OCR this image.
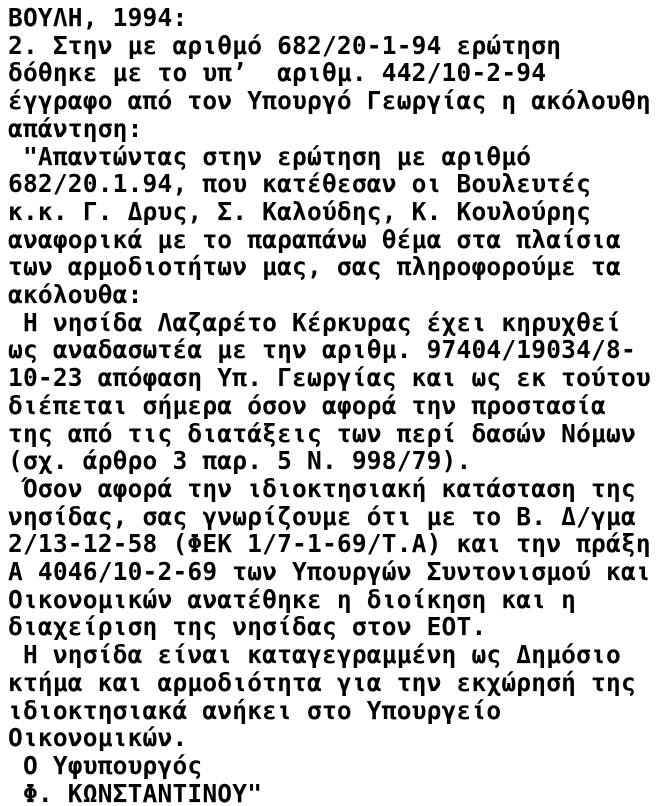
ΒΟΥΛΗ, 1994:
2. Στην με αριθμό 682/20-1-94 ερώτηση
δόθηκε με το υπ’  αριθμ. 442/10-2-94
έγγραφο από τον Υπουργό Γεωργίας η ακόλουθη
απάντηση:
"Απαντώντας στην ερώτηση με αριθμό
682/20.1.94, που κατέθεσαν οι Βουλευτές
κ.κ. Γ. Δρυς, Σ. Καλούδης, Κ. Κουλούρης
αναφορικά με το παραπάνω θέμα στα πλαίσια
των αρμοδιοτήτων μας, σας πληροφορούμε τα
ακόλουθα:
Η νησίδα Λαζαρέτο Κέρκυρας έχει κηρυχθεί
ως αναδασωτέα με την αριθμ. 97404/19034/8-
10-23 απόφαση Υπ. Γεωργίας και ως εκ τούτου
διέπεται σήμερα όσον αφορά την προστασία
της από τις διατάξεις των περί δασών Νόμων
(σχ. άρθρο 3 παρ. 5 Ν. 998/79).
Όσον αφορά την ιδιοκτησιακή κατάσταση της
νησίδας, σας γνωρίζουμε ότι με το Β. Δ/γμα
2/13-12-58 (ΦΕΚ 1/7-1-69/Τ.Α) και την πράξη
Α 4046/10-2-69 των Υπουργών Συντονισμού και
Οικονομικών ανατέθηκε η διοίκηση και η
διαχείριση της νησίδας στον ΕΟΤ.
Η νησίδα είναι καταγεγραμμένη ως Δημόσιο
κτήμα και αρμοδιότητα για την εκχώρησή της
ιδιοκτησιακά ανήκει στο Υπουργείο
Οικονομικών.
Ο Υφυπουργός
Φ. ΚΩΝΣΤΑΝΤΙΝΟΥ"
